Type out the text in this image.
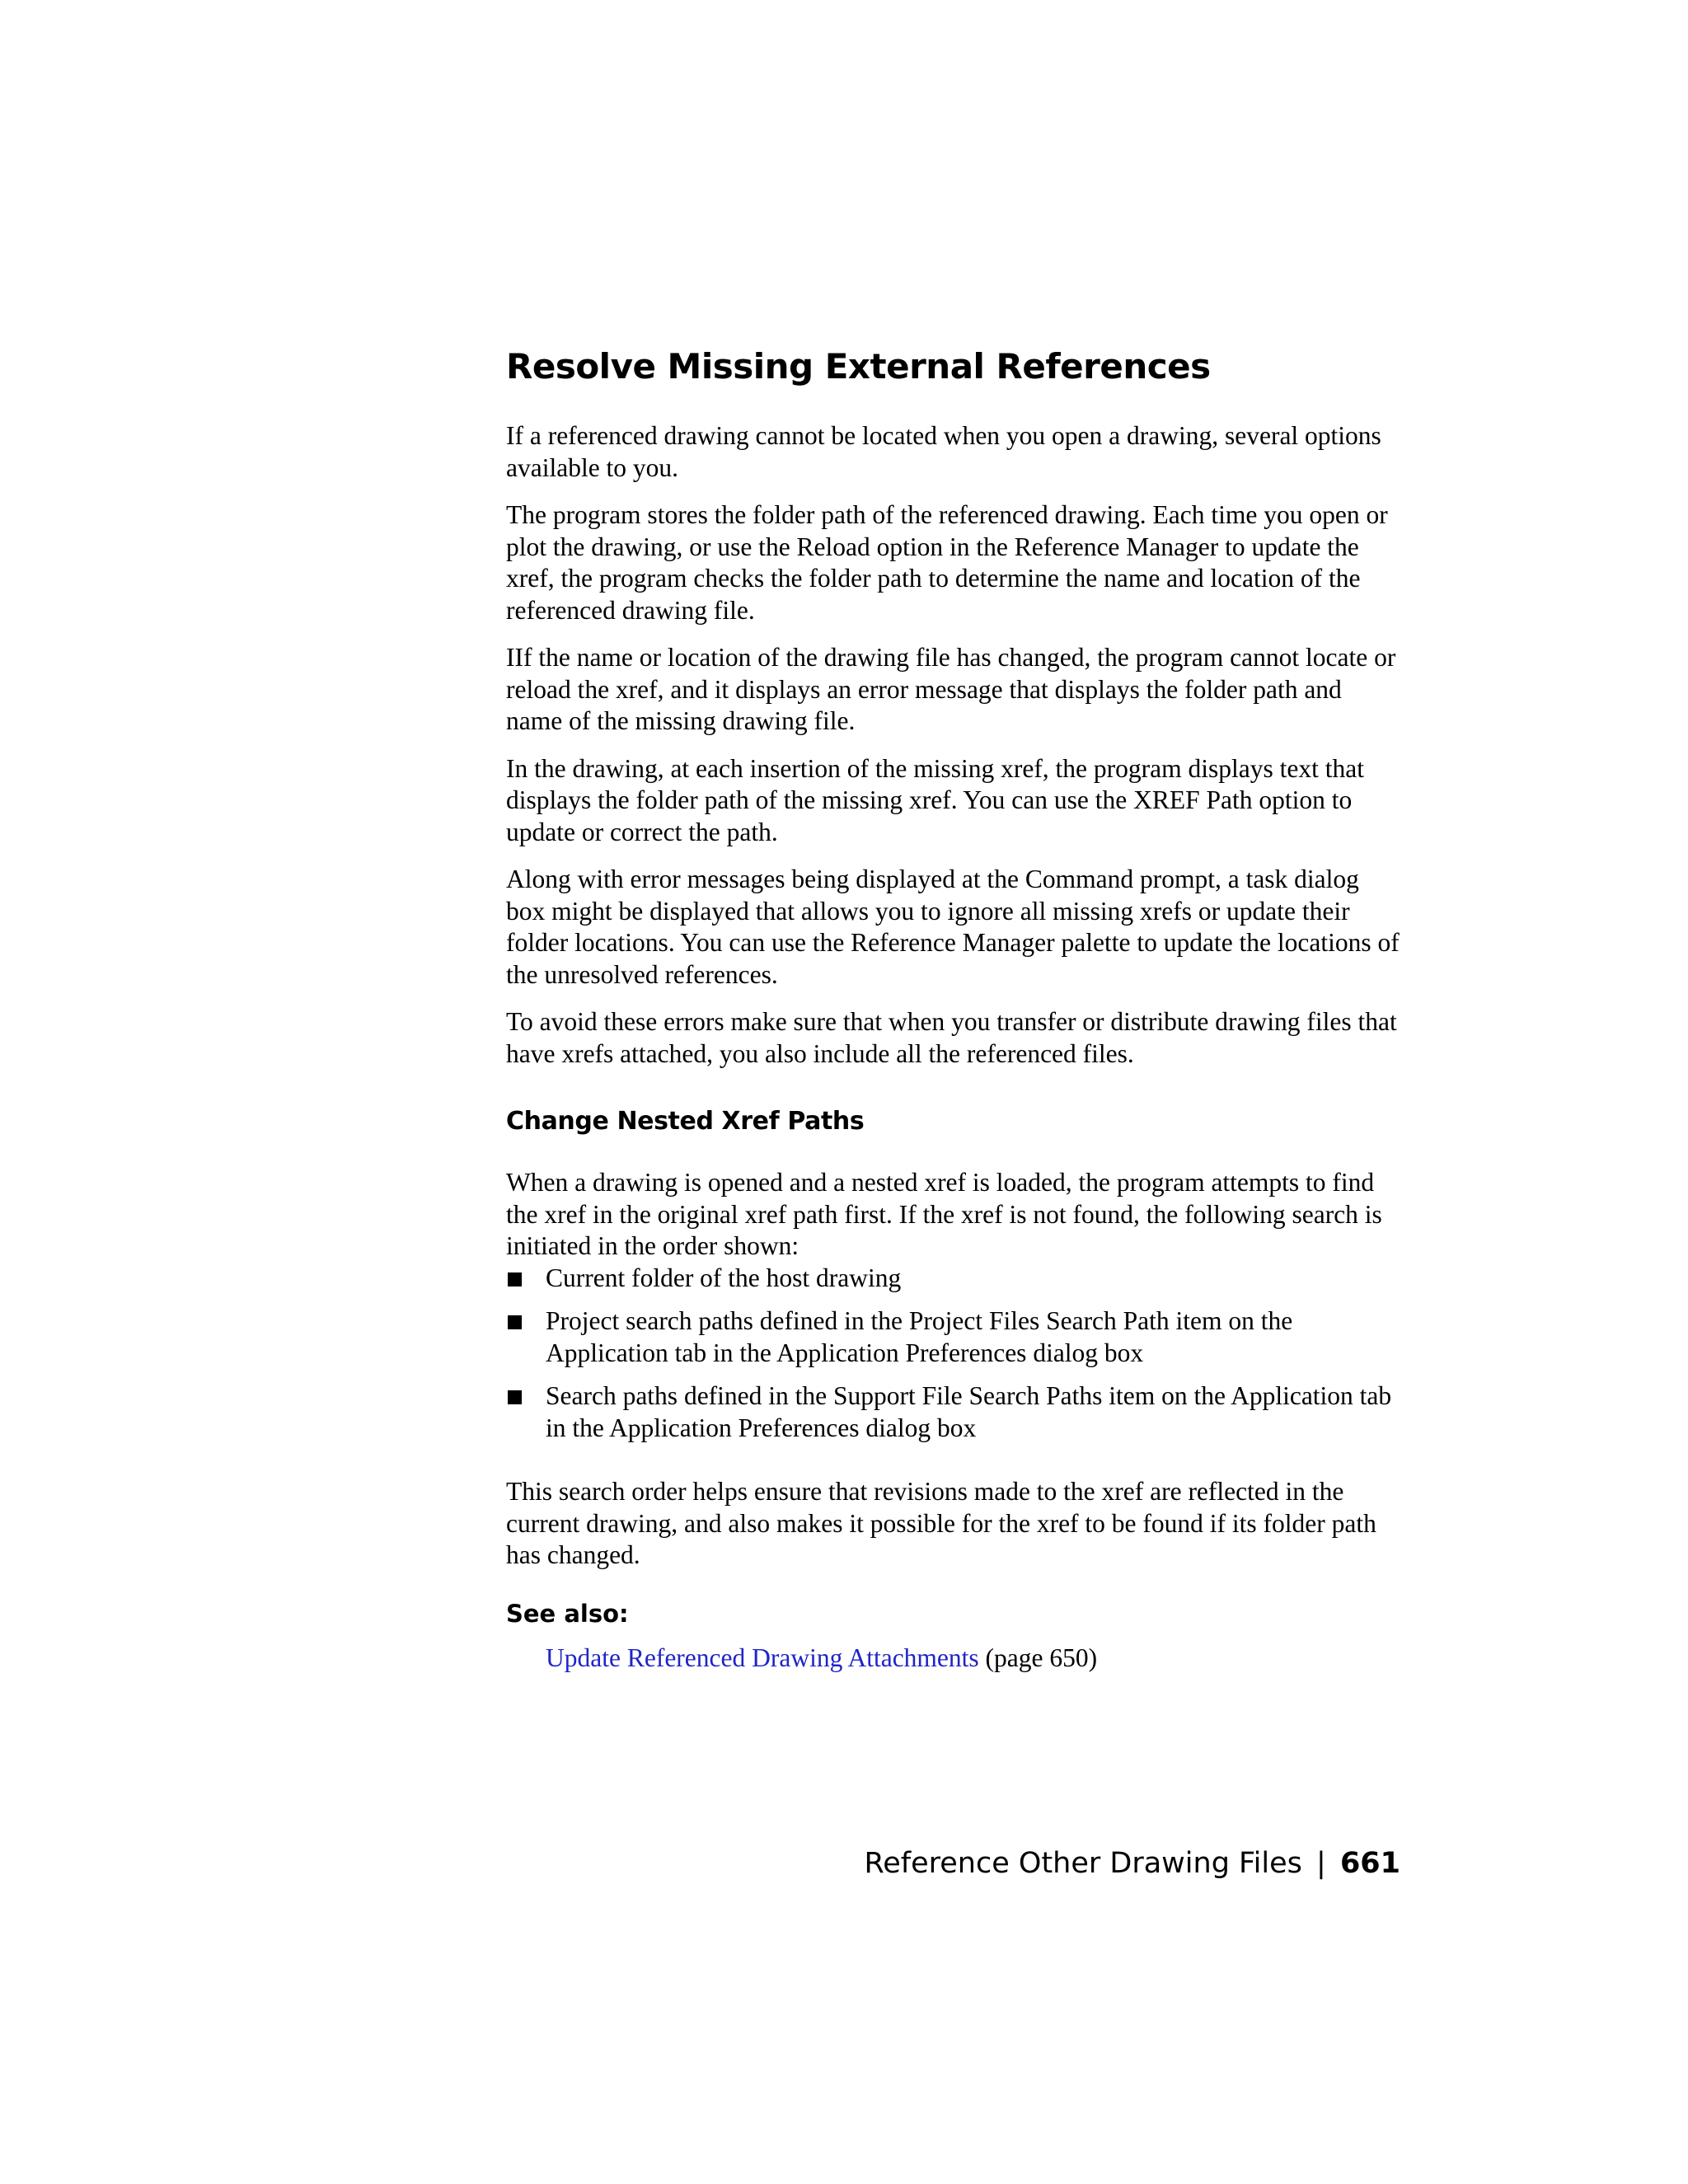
Resolve Missing External References

If a referenced drawing cannot be located when you open a drawing, several options available to you.

The program stores the folder path of the referenced drawing. Each time you open or plot the drawing, or use the Reload option in the Reference Manager to update the xref, the program checks the folder path to determine the name and location of the referenced drawing file.

IIf the name or location of the drawing file has changed, the program cannot locate or reload the xref, and it displays an error message that displays the folder path and name of the missing drawing file.

In the drawing, at each insertion of the missing xref, the program displays text that displays the folder path of the missing xref. You can use the XREF Path option to update or correct the path.

Along with error messages being displayed at the Command prompt, a task dialog box might be displayed that allows you to ignore all missing xrefs or update their folder locations. You can use the Reference Manager palette to update the locations of the unresolved references.

To avoid these errors make sure that when you transfer or distribute drawing files that have xrefs attached, you also include all the referenced files.

Change Nested Xref Paths

When a drawing is opened and a nested xref is loaded, the program attempts to find the xref in the original xref path first. If the xref is not found, the following search is initiated in the order shown:

Current folder of the host drawing
Project search paths defined in the Project Files Search Path item on the Application tab in the Application Preferences dialog box
Search paths defined in the Support File Search Paths item on the Application tab in the Application Preferences dialog box

This search order helps ensure that revisions made to the xref are reflected in the current drawing, and also makes it possible for the xref to be found if its folder path has changed.

See also:
Update Referenced Drawing Attachments (page 650)
Reference Other Drawing Files | 661
